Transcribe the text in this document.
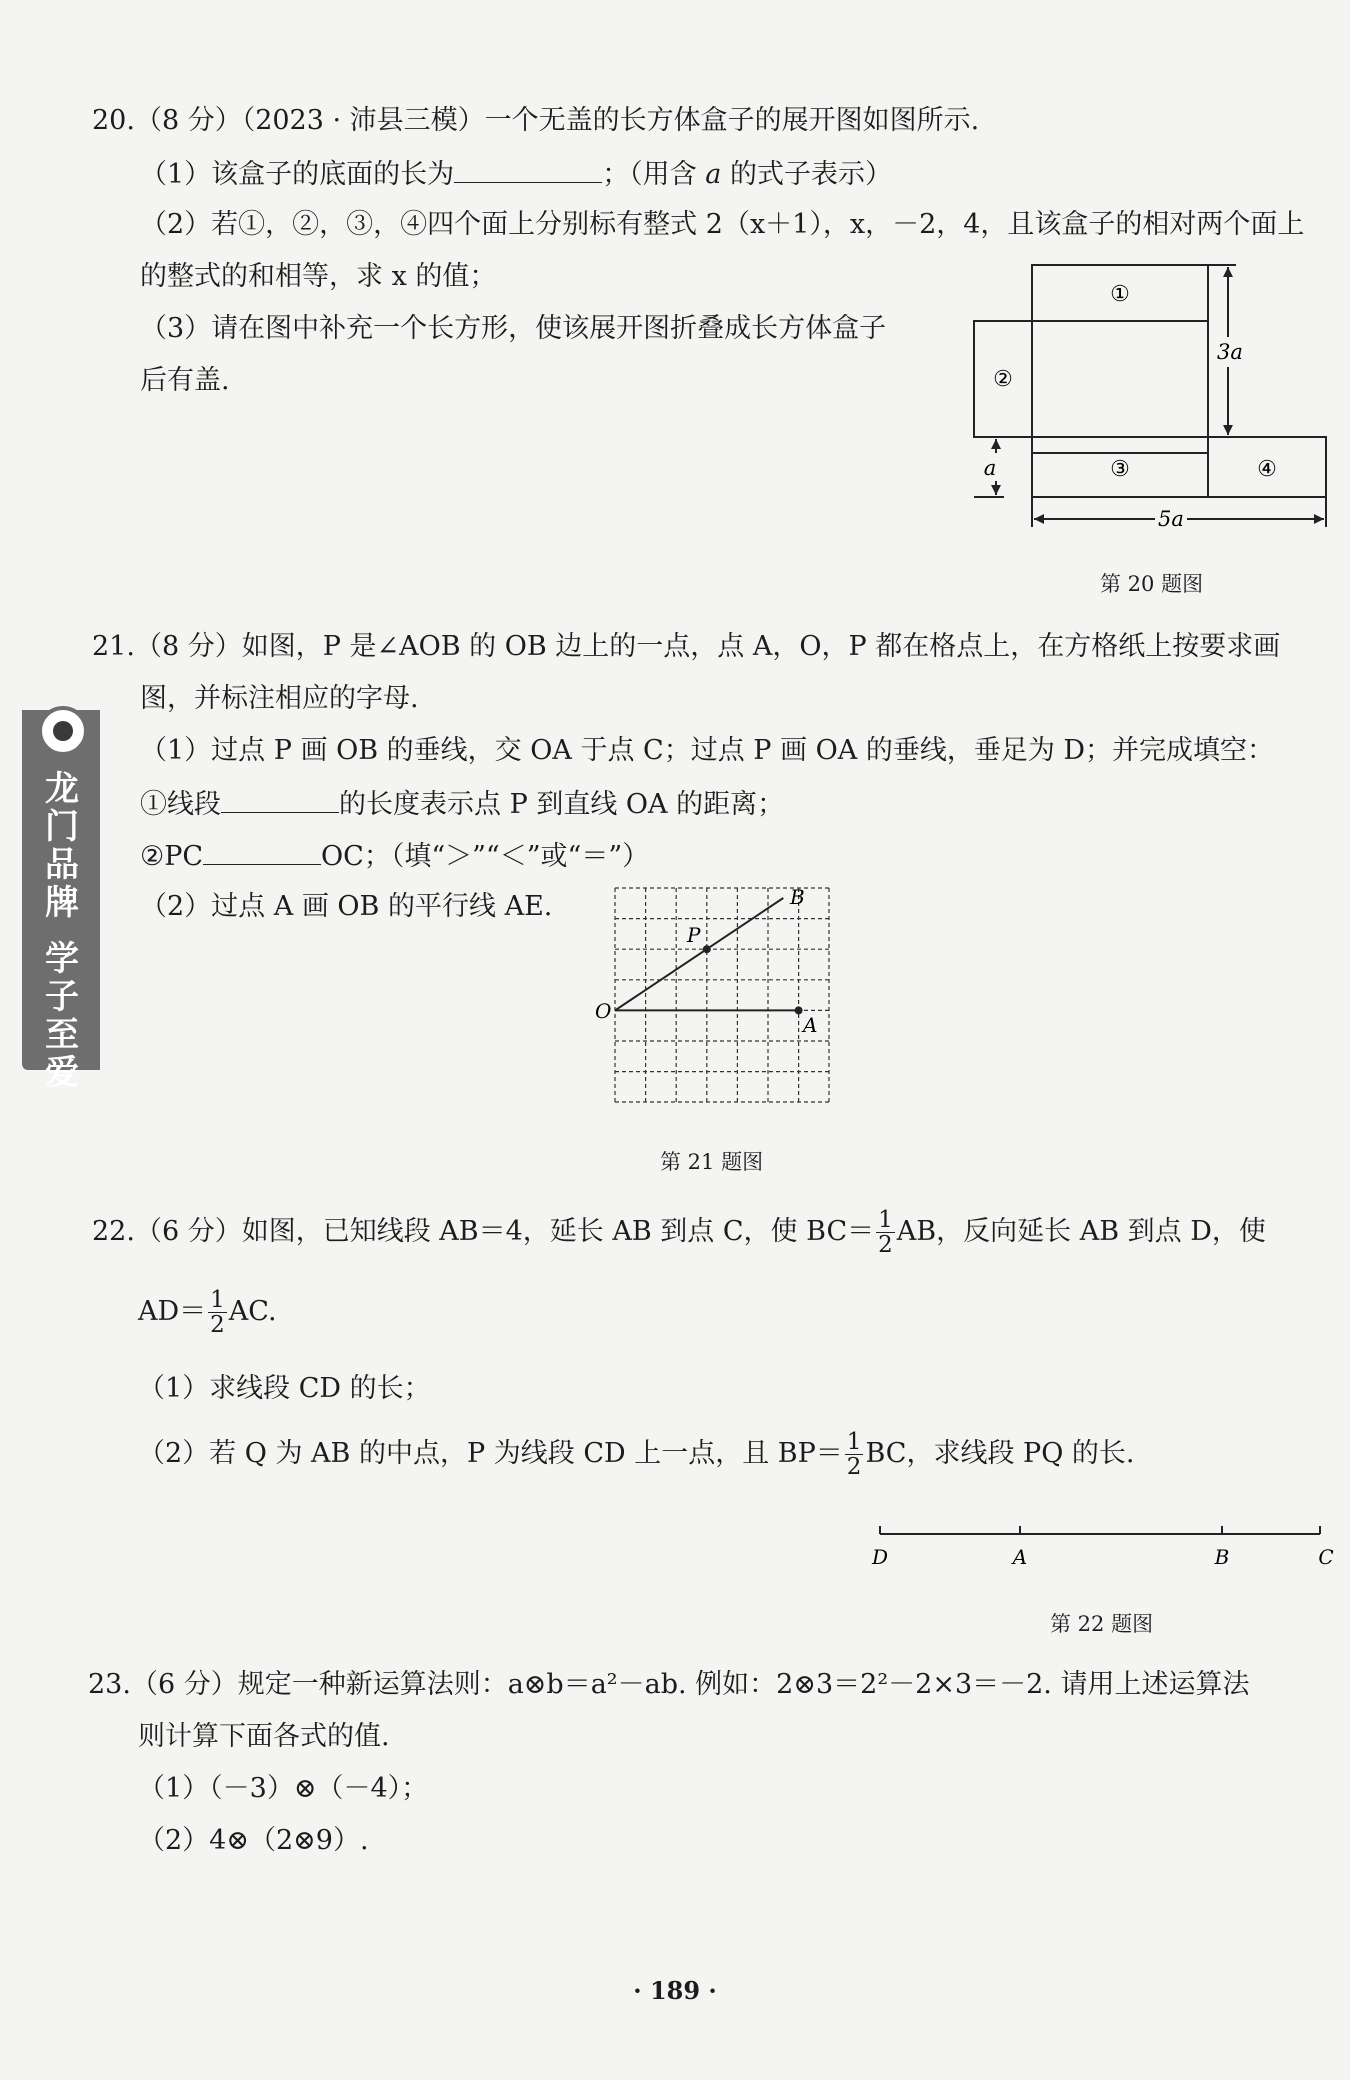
龙门品牌
学子至爱
20.（8 分）（2023 · 沛县三模）一个无盖的长方体盒子的展开图如图所示.
（1）该盒子的底面的长为	；（用含 a 的式子表示）
（2）若①，②，③，④四个面上分别标有整式 2（x＋1），x，－2，4，且该盒子的相对两个面上
的整式的和相等，求 x 的值；
（3）请在图中补充一个长方形，使该展开图折叠成长方体盒子
后有盖.
①
②
③	④
3a
a
5a
第 20 题图
21.（8 分）如图，P 是∠AOB 的 OB 边上的一点，点 A，O，P 都在格点上，在方格纸上按要求画
图，并标注相应的字母.
（1）过点 P 画 OB 的垂线，交 OA 于点 C；过点 P 画 OA 的垂线，垂足为 D；并完成填空：
①线段	的长度表示点 P 到直线 OA 的距离；
②PC	OC；（填“＞”“＜”或“＝”）
（2）过点 A 画 OB 的平行线 AE.	B
P
O
A
第 21 题图
22.（6 分）如图，已知线段 AB＝4，延长 AB 到点 C，使 $BC= \frac{1}{2}$ AB，反向延长 AB 到点 D，使
$AD= \frac{1}{2}$ AC.
（1）求线段 CD 的长；
（2）若 Q 为 AB 的中点，P 为线段 CD 上一点，且 $BP= \frac{1}{2}$ BC，求线段 PQ 的长.
D	A	B	C
第 22 题图
23.（6 分）规定一种新运算法则：a⊗b＝a²－ab. 例如：2⊗3＝2²－2×3＝－2. 请用上述运算法
则计算下面各式的值.
（1）（－3）⊗（－4）；
（2）4⊗（2⊗9）.
· 189 ·
